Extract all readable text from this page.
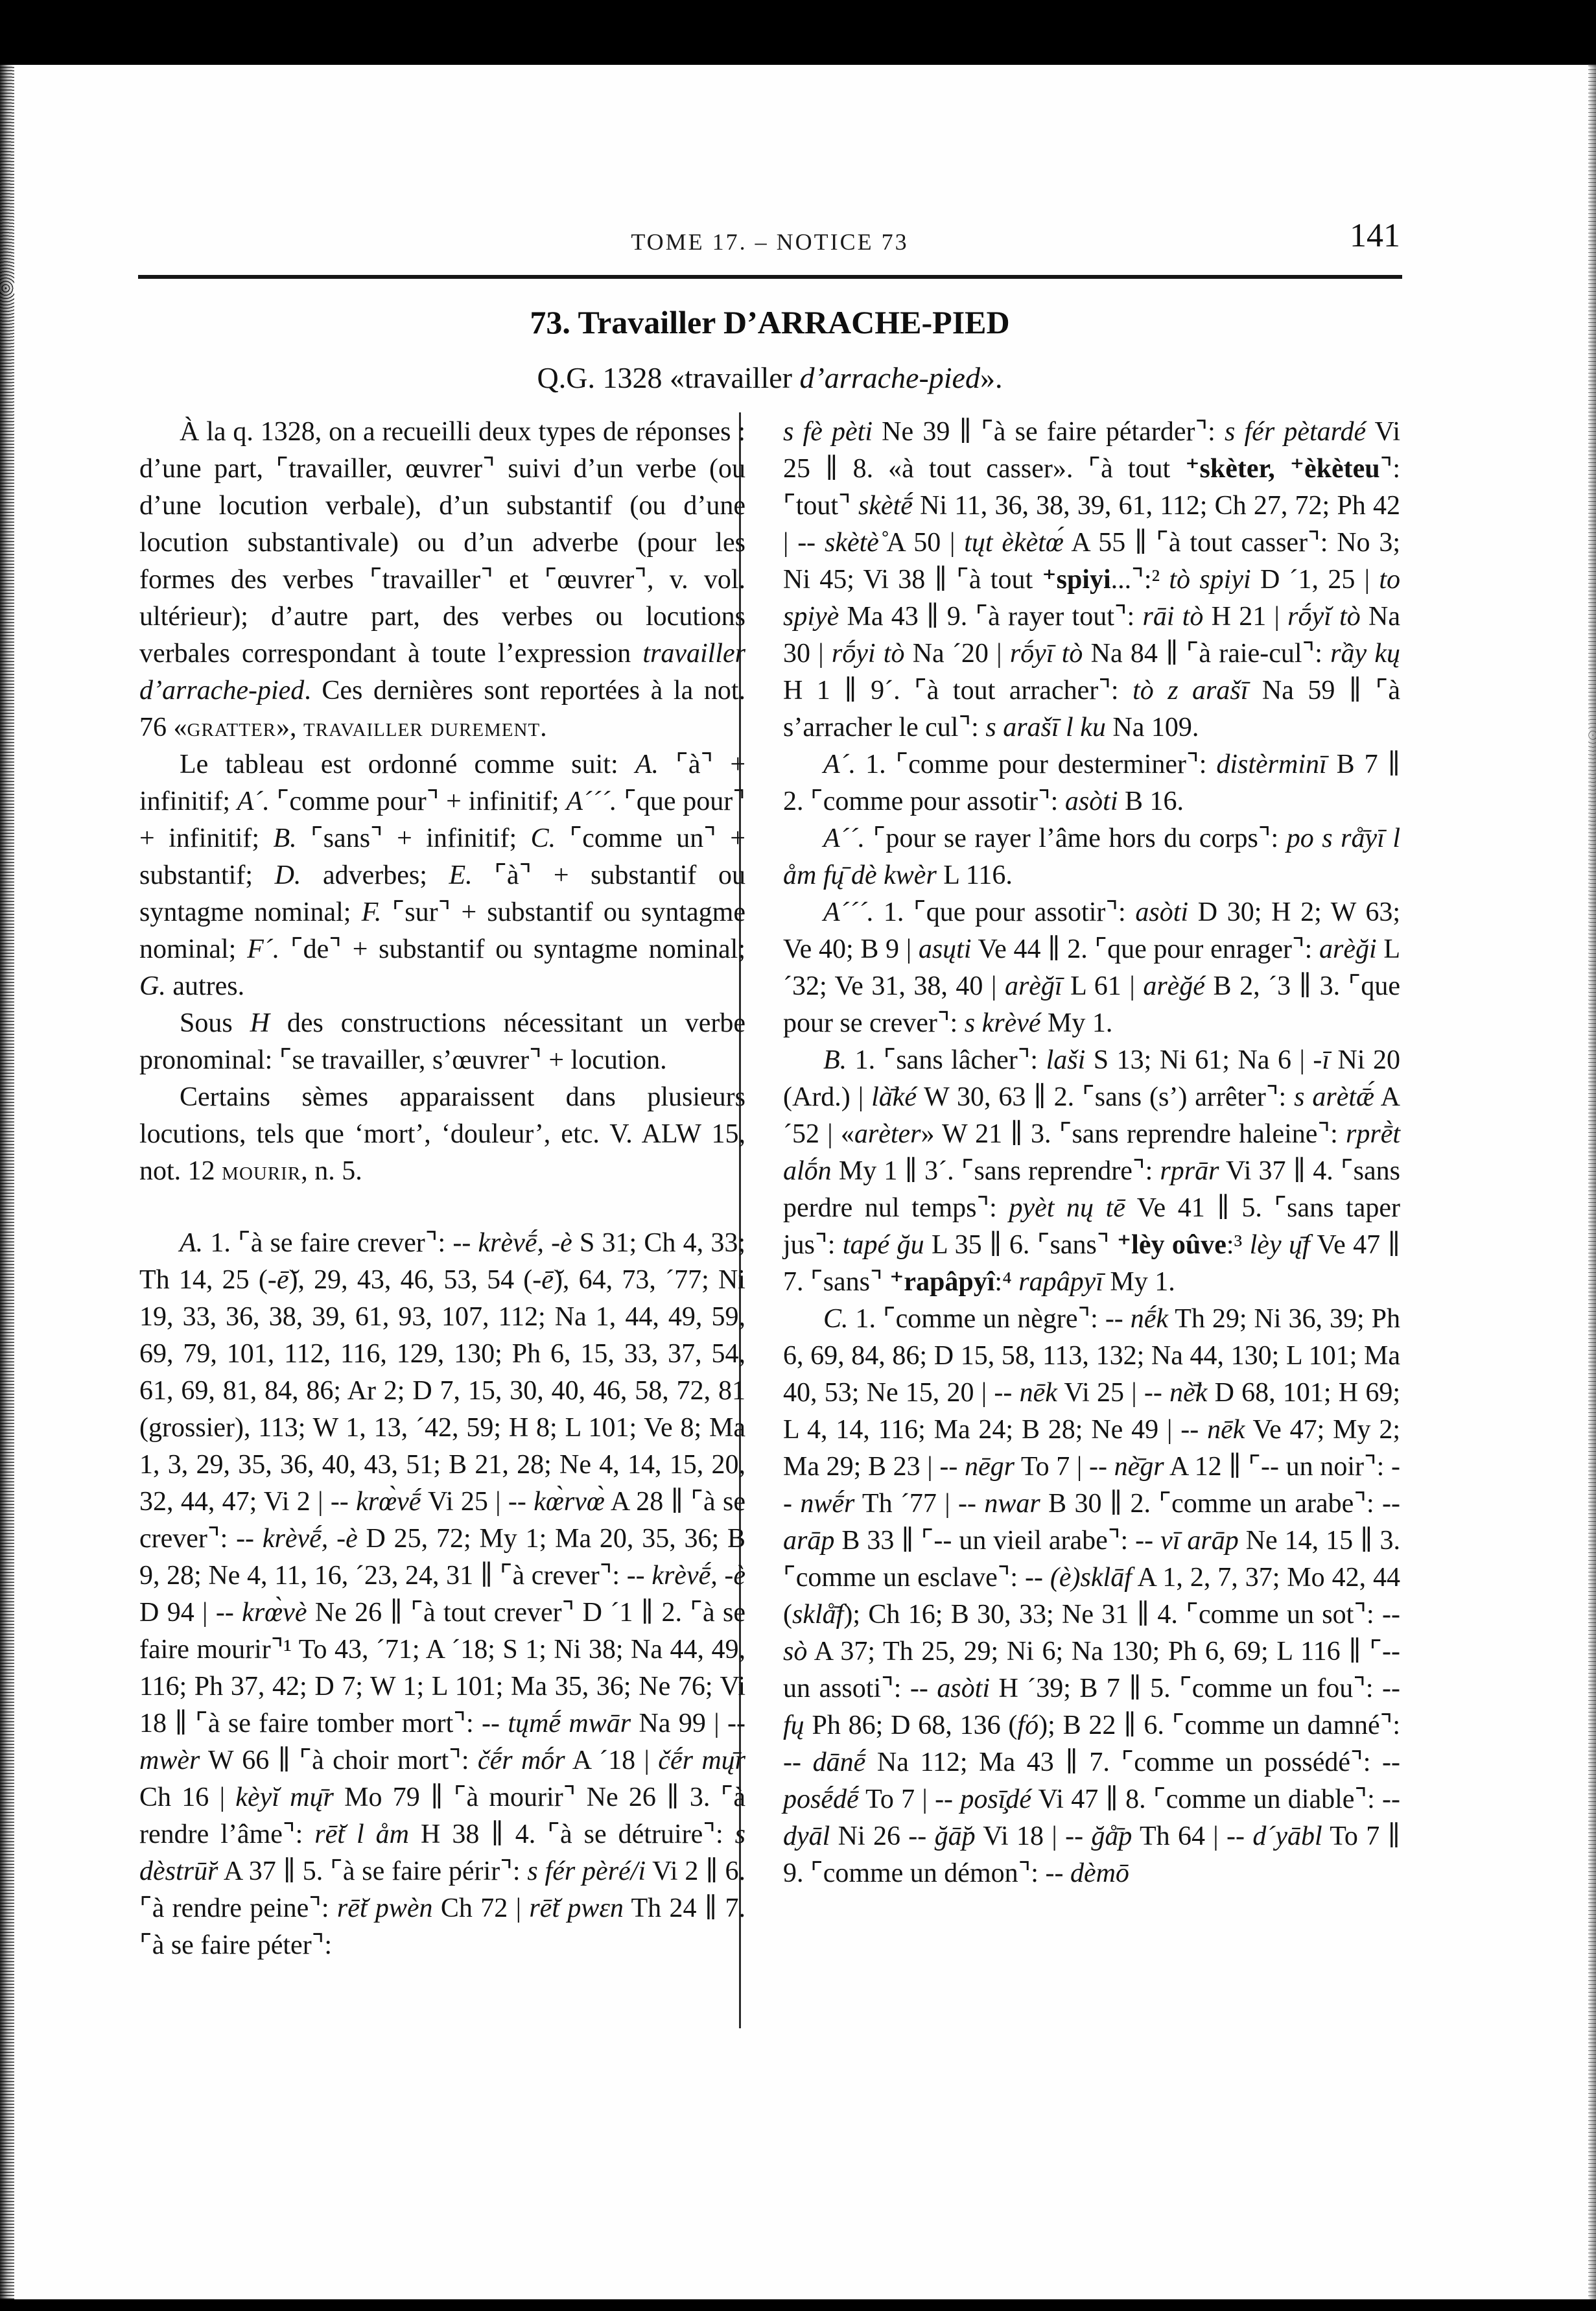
TOME 17. – NOTICE 73	141
73. Travailler D’ARRACHE-PIED
Q.G. 1328 «travailler d’arrache-pied».

À la q. 1328, on a recueilli deux types de réponses : d’une part, ⌜travailler, œuvrer⌝ suivi d’un verbe (ou d’une locution verbale), d’un substantif (ou d’une locution substantivale) ou d’un adverbe (pour les formes des verbes ⌜travailler⌝ et ⌜œuvrer⌝, v. vol. ultérieur); d’autre part, des verbes ou locutions verbales correspondant à toute l’expression travailler d’arrache-pied. Ces dernières sont reportées à la not. 76 «gratter», travailler durement.

Le tableau est ordonné comme suit: A. ⌜à⌝ + infinitif; A´. ⌜comme pour⌝ + infinitif; A´´´. ⌜que pour⌝ + infinitif; B. ⌜sans⌝ + infinitif; C. ⌜comme un⌝ + substantif; D. adverbes; E. ⌜à⌝ + substantif ou syntagme nominal; F. ⌜sur⌝ + substantif ou syntagme nominal; F´. ⌜de⌝ + substantif ou syntagme nominal; G. autres.

Sous H des constructions nécessitant un verbe pronominal: ⌜se travailler, s’œuvrer⌝ + locution.

Certains sèmes apparaissent dans plusieurs locutions, tels que ‘mort’, ‘douleur’, etc. V. ALW 15, not. 12 mourir, n. 5.

A. 1. ⌜à se faire crever⌝: -- krèvḗ, -è S 31; Ch 4, 33; Th 14, 25 (-ē̆), 29, 43, 46, 53, 54 (-ē̆), 64, 73, ´77; Ni 19, 33, 36, 38, 39, 61, 93, 107, 112; Na 1, 44, 49, 59, 69, 79, 101, 112, 116, 129, 130; Ph 6, 15, 33, 37, 54, 61, 69, 81, 84, 86; Ar 2; D 7, 15, 30, 40, 46, 58, 72, 81 (grossier), 113; W 1, 13, ´42, 59; H 8; L 101; Ve 8; Ma 1, 3, 29, 35, 36, 40, 43, 51; B 21, 28; Ne 4, 14, 15, 20, 32, 44, 47; Vi 2 | -- krœ̀vḗ Vi 25 | -- kœ̀rvœ̀ A 28 ∥ ⌜à se crever⌝: -- krèvḗ, -è D 25, 72; My 1; Ma 20, 35, 36; B 9, 28; Ne 4, 11, 16, ´23, 24, 31 ∥ ⌜à crever⌝: -- krèvḗ, -è D 94 | -- krœ̀vè Ne 26 ∥ ⌜à tout crever⌝ D ´1 ∥ 2. ⌜à se faire mourir⌝¹ To 43, ´71; A ´18; S 1; Ni 38; Na 44, 49, 116; Ph 37, 42; D 7; W 1; L 101; Ma 35, 36; Ne 76; Vi 18 ∥ ⌜à se faire tomber mort⌝: -- tųmḗ mwār Na 99 | -- mwèr W 66 ∥ ⌜à choir mort⌝: čḗr mṓr A ´18 | čḗr mų̄r Ch 16 | kèyĭ mų̄r Mo 79 ∥ ⌜à mourir⌝ Ne 26 ∥ 3. ⌜à rendre l’âme⌝: rē̆t l åm H 38 ∥ 4. ⌜à se détruire⌝: s dèstrū̆r A 37 ∥ 5. ⌜à se faire périr⌝: s fér pèré/i Vi 2 ∥ 6. ⌜à rendre peine⌝: rē̆t pwèn Ch 72 | rē̆t pwεn Th 24 ∥ 7. ⌜à se faire péter⌝:

s fè pèti Ne 39 ∥ ⌜à se faire pétarder⌝: s fér pètardé Vi 25 ∥ 8. «à tout casser». ⌜à tout ⁺skèter, ⁺èkèteu⌝: ⌜tout⌝ skètḗ Ni 11, 36, 38, 39, 61, 112; Ch 27, 72; Ph 42 | -- skètè̊ A 50 | tųt èkètœ́ A 55 ∥ ⌜à tout casser⌝: No 3; Ni 45; Vi 38 ∥ ⌜à tout ⁺spiyi...⌝:² tò spiyi D ´1, 25 | to spiyè Ma 43 ∥ 9. ⌜à rayer tout⌝: rāi tò H 21 | rṓyĭ tò Na 30 | rṓyi tò Na ´20 | rṓyī tò Na 84 ∥ ⌜à raie-cul⌝: rầy kų H 1 ∥ 9´. ⌜à tout arracher⌝: tò z arašī Na 59 ∥ ⌜à s’arracher le cul⌝: s arašī l ku Na 109.

A´. 1. ⌜comme pour desterminer⌝: distèrminī B 7 ∥ 2. ⌜comme pour assotir⌝: asòti B 16.

A´´. ⌜pour se rayer l’âme hors du corps⌝: po s rå̄yī l åm fų̄ dè kwèr L 116.

A´´´. 1. ⌜que pour assotir⌝: asòti D 30; H 2; W 63; Ve 40; B 9 | asųti Ve 44 ∥ 2. ⌜que pour enrager⌝: arèği L ´32; Ve 31, 38, 40 | arèğī L 61 | arèğé B 2, ´3 ∥ 3. ⌜que pour se crever⌝: s krèvé My 1.

B. 1. ⌜sans lâcher⌝: laši S 13; Ni 61; Na 6 | -ī Ni 20 (Ard.) | là̄ké W 30, 63 ∥ 2. ⌜sans (s’) arrêter⌝: s arètǣ́ A ´52 | «arèter» W 21 ∥ 3. ⌜sans reprendre haleine⌝: rprḕt alṓn My 1 ∥ 3´. ⌜sans reprendre⌝: rprār Vi 37 ∥ 4. ⌜sans perdre nul temps⌝: pyèt nų tē Ve 41 ∥ 5. ⌜sans taper jus⌝: tapé ğu L 35 ∥ 6. ⌜sans⌝ ⁺lèy oûve:³ lèy ų̄f Ve 47 ∥ 7. ⌜sans⌝ ⁺rapâpyî:⁴ rapâpyī My 1.

C. 1. ⌜comme un nègre⌝: -- nḗk Th 29; Ni 36, 39; Ph 6, 69, 84, 86; D 15, 58, 113, 132; Na 44, 130; L 101; Ma 40, 53; Ne 15, 20 | -- nēk Vi 25 | -- nè̄k D 68, 101; H 69; L 4, 14, 116; Ma 24; B 28; Ne 49 | -- nēk Ve 47; My 2; Ma 29; B 23 | -- nēgr To 7 | -- nè̄gr A 12 ∥ ⌜-- un noir⌝: -- nwḗr Th ´77 | -- nwar B 30 ∥ 2. ⌜comme un arabe⌝: -- arāp B 33 ∥ ⌜-- un vieil arabe⌝: -- vī arāp Ne 14, 15 ∥ 3. ⌜comme un esclave⌝: -- (è)sklāf A 1, 2, 7, 37; Mo 42, 44 (sklå̄f); Ch 16; B 30, 33; Ne 31 ∥ 4. ⌜comme un sot⌝: -- sò A 37; Th 25, 29; Ni 6; Na 130; Ph 6, 69; L 116 ∥ ⌜-- un assoti⌝: -- asòti H ´39; B 7 ∥ 5. ⌜comme un fou⌝: -- fų Ph 86; D 68, 136 (fó); B 22 ∥ 6. ⌜comme un damné⌝: -- dānḗ Na 112; Ma 43 ∥ 7. ⌜comme un possédé⌝: -- posḗdḗ To 7 | -- posī̧dé Vi 47 ∥ 8. ⌜comme un diable⌝: -- dyāl Ni 26 -- ğā̆p Vi 18 | -- ğå̄p Th 64 | -- d´yābl To 7 ∥ 9. ⌜comme un démon⌝: -- dèmō
